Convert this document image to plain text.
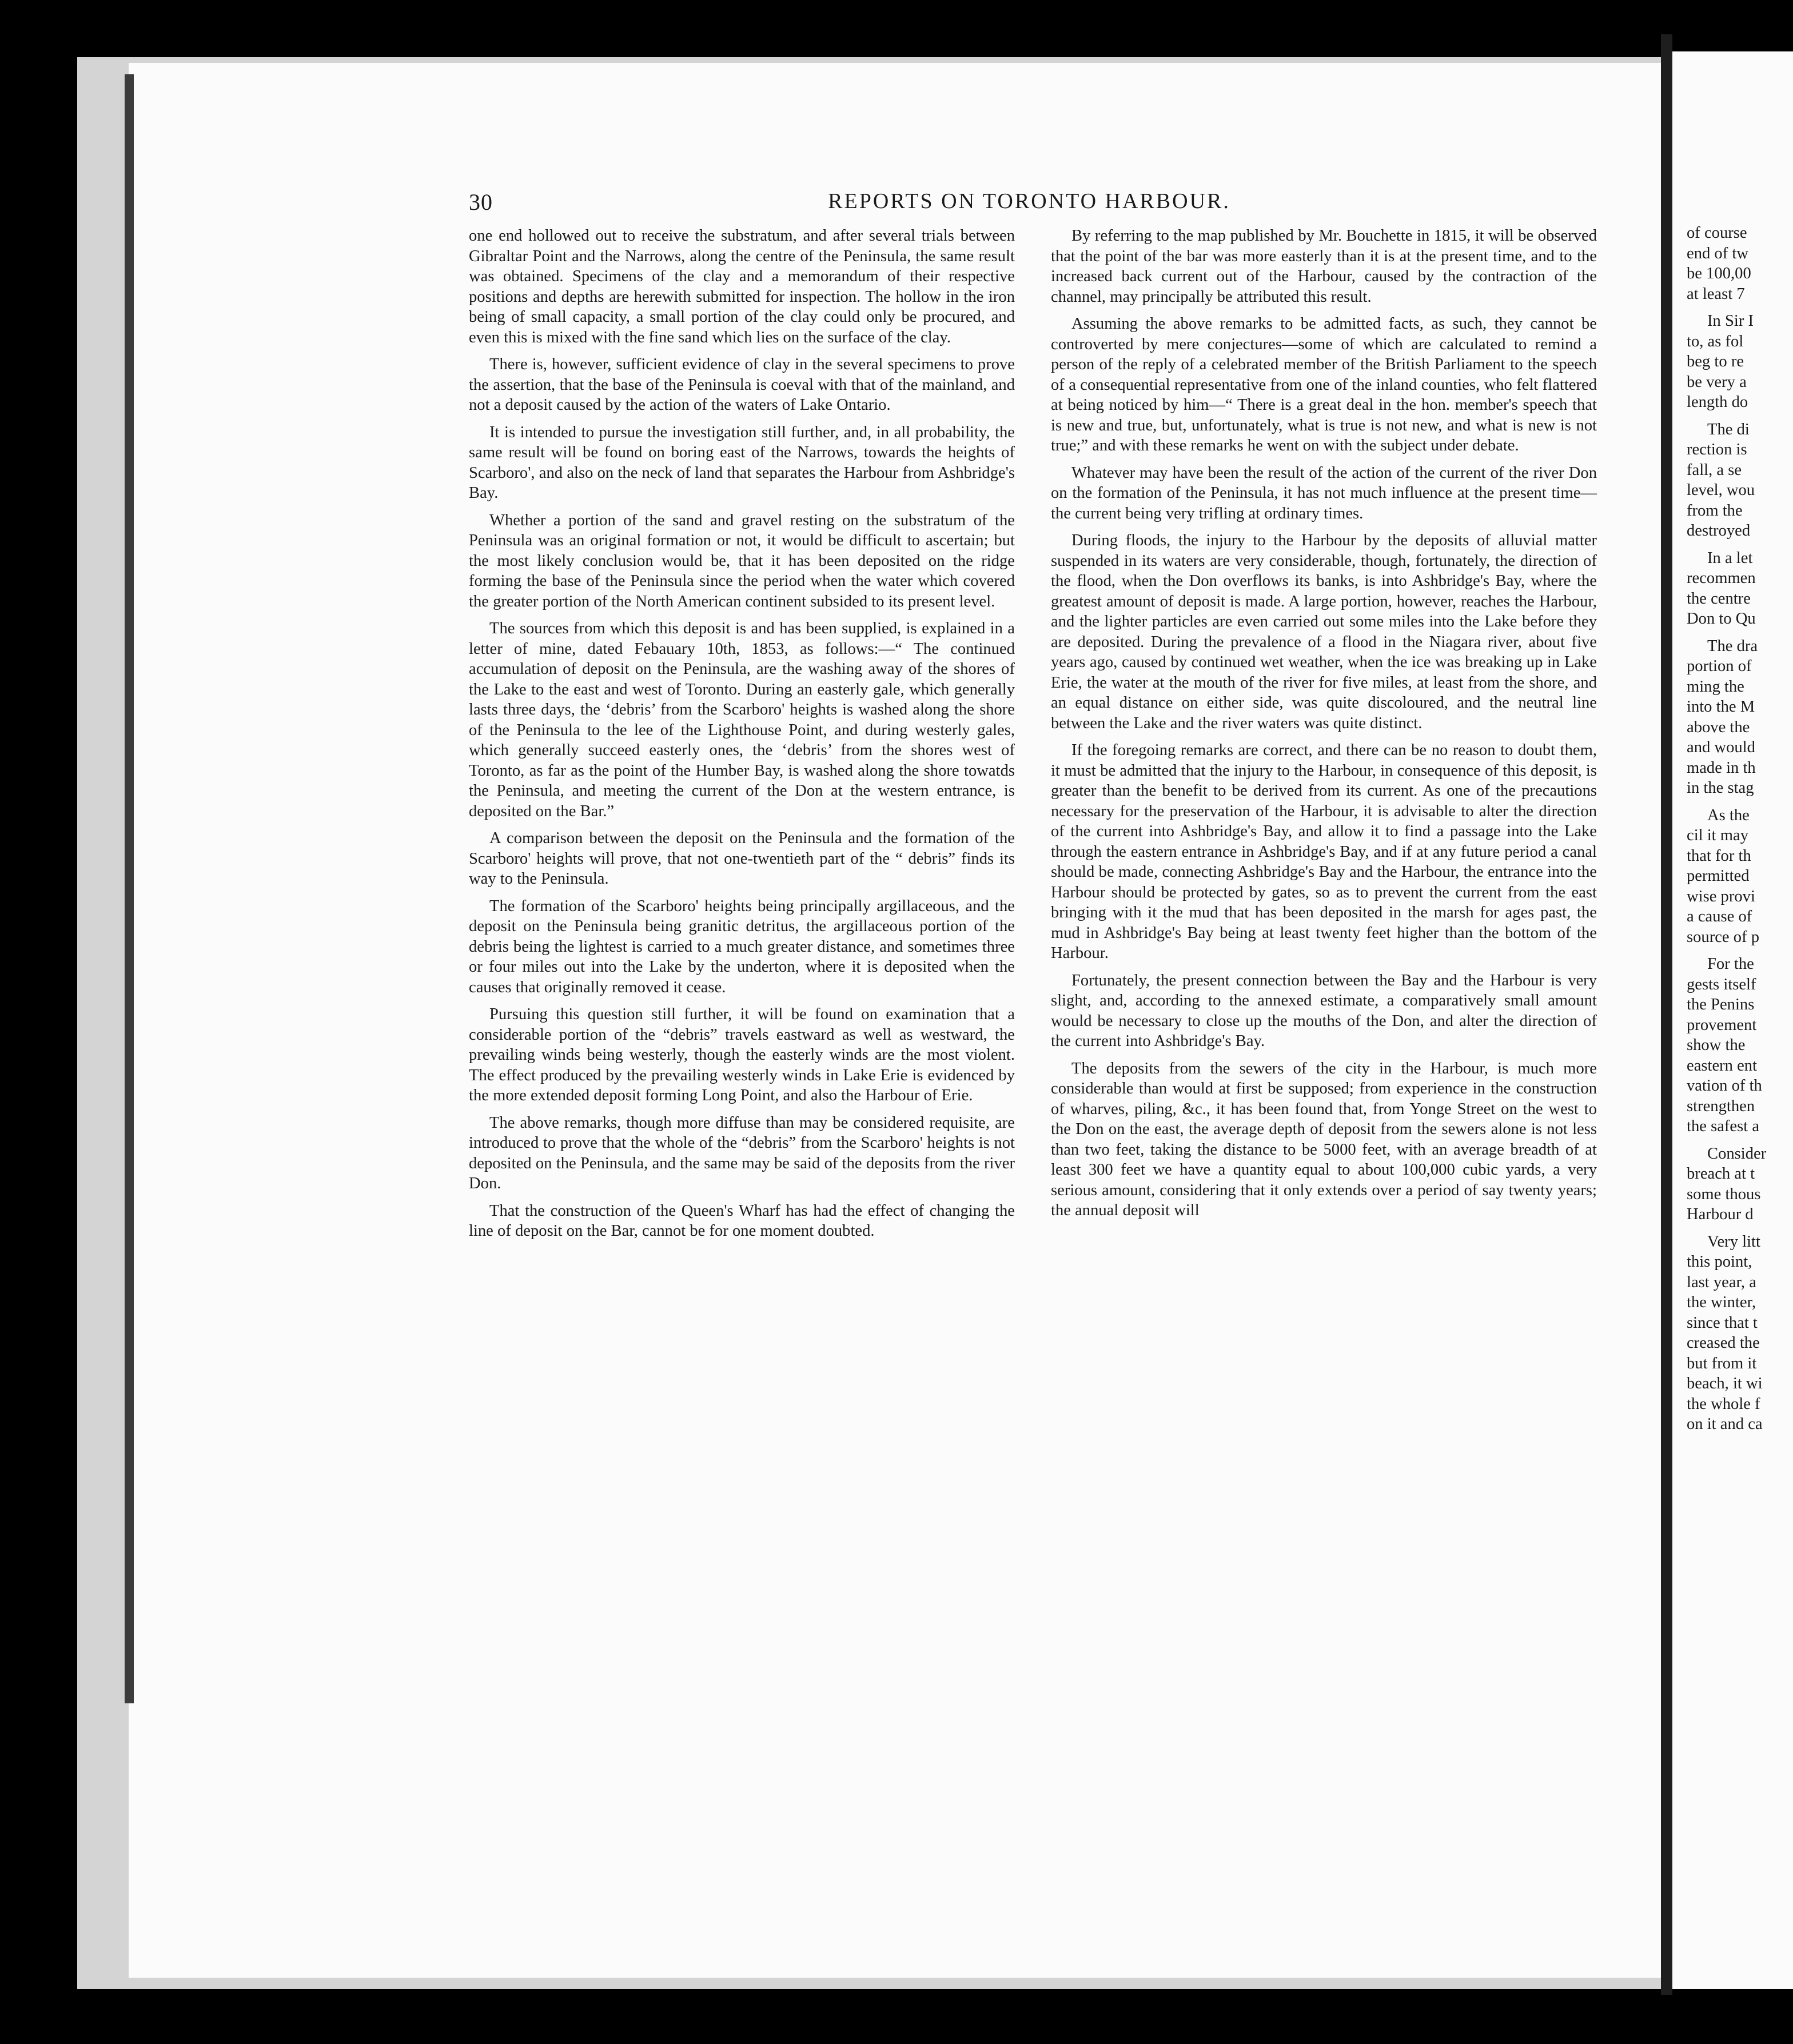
30	REPORTS ON TORONTO HARBOUR.

one end hollowed out to receive the substratum, and after several trials between Gibraltar Point and the Narrows, along the centre of the Peninsula, the same result was obtained. Specimens of the clay and a memorandum of their respective positions and depths are herewith submitted for inspection. The hollow in the iron being of small capacity, a small portion of the clay could only be procured, and even this is mixed with the fine sand which lies on the surface of the clay.

There is, however, sufficient evidence of clay in the several specimens to prove the assertion, that the base of the Peninsula is coeval with that of the mainland, and not a deposit caused by the action of the waters of Lake Ontario.

It is intended to pursue the investigation still further, and, in all probability, the same result will be found on boring east of the Narrows, towards the heights of Scarboro', and also on the neck of land that separates the Harbour from Ashbridge's Bay.

Whether a portion of the sand and gravel resting on the substratum of the Peninsula was an original formation or not, it would be difficult to ascertain; but the most likely conclusion would be, that it has been deposited on the ridge forming the base of the Peninsula since the period when the water which covered the greater portion of the North American continent subsided to its present level.

The sources from which this deposit is and has been supplied, is explained in a letter of mine, dated Febauary 10th, 1853, as follows:—“ The continued accumulation of deposit on the Peninsula, are the washing away of the shores of the Lake to the east and west of Toronto. During an easterly gale, which generally lasts three days, the ‘debris’ from the Scarboro' heights is washed along the shore of the Peninsula to the lee of the Lighthouse Point, and during westerly gales, which generally succeed easterly ones, the ‘debris’ from the shores west of Toronto, as far as the point of the Humber Bay, is washed along the shore towatds the Peninsula, and meeting the current of the Don at the western entrance, is deposited on the Bar.”

A comparison between the deposit on the Peninsula and the formation of the Scarboro' heights will prove, that not one-twentieth part of the “ debris” finds its way to the Peninsula.

The formation of the Scarboro' heights being principally argillaceous, and the deposit on the Peninsula being granitic detritus, the argillaceous portion of the debris being the lightest is carried to a much greater distance, and sometimes three or four miles out into the Lake by the underton, where it is deposited when the causes that originally removed it cease.

Pursuing this question still further, it will be found on examination that a considerable portion of the “debris” travels eastward as well as westward, the prevailing winds being westerly, though the easterly winds are the most violent. The effect produced by the prevailing westerly winds in Lake Erie is evidenced by the more extended deposit forming Long Point, and also the Harbour of Erie.

The above remarks, though more diffuse than may be considered requisite, are introduced to prove that the whole of the “debris” from the Scarboro' heights is not deposited on the Peninsula, and the same may be said of the deposits from the river Don.

That the construction of the Queen's Wharf has had the effect of changing the line of deposit on the Bar, cannot be for one moment doubted.

By referring to the map published by Mr. Bouchette in 1815, it will be observed that the point of the bar was more easterly than it is at the present time, and to the increased back current out of the Harbour, caused by the contraction of the channel, may principally be attributed this result.

Assuming the above remarks to be admitted facts, as such, they cannot be controverted by mere conjectures—some of which are calculated to remind a person of the reply of a celebrated member of the British Parliament to the speech of a consequential representative from one of the inland counties, who felt flattered at being noticed by him—“ There is a great deal in the hon. member's speech that is new and true, but, unfortunately, what is true is not new, and what is new is not true;” and with these remarks he went on with the subject under debate.

Whatever may have been the result of the action of the current of the river Don on the formation of the Peninsula, it has not much influence at the present time—the current being very trifling at ordinary times.

During floods, the injury to the Harbour by the deposits of alluvial matter suspended in its waters are very considerable, though, fortunately, the direction of the flood, when the Don overflows its banks, is into Ashbridge's Bay, where the greatest amount of deposit is made. A large portion, however, reaches the Harbour, and the lighter particles are even carried out some miles into the Lake before they are deposited. During the prevalence of a flood in the Niagara river, about five years ago, caused by continued wet weather, when the ice was breaking up in Lake Erie, the water at the mouth of the river for five miles, at least from the shore, and an equal distance on either side, was quite discoloured, and the neutral line between the Lake and the river waters was quite distinct.

If the foregoing remarks are correct, and there can be no reason to doubt them, it must be admitted that the injury to the Harbour, in consequence of this deposit, is greater than the benefit to be derived from its current. As one of the precautions necessary for the preservation of the Harbour, it is advisable to alter the direction of the current into Ashbridge's Bay, and allow it to find a passage into the Lake through the eastern entrance in Ashbridge's Bay, and if at any future period a canal should be made, connecting Ashbridge's Bay and the Harbour, the entrance into the Harbour should be protected by gates, so as to prevent the current from the east bringing with it the mud that has been deposited in the marsh for ages past, the mud in Ashbridge's Bay being at least twenty feet higher than the bottom of the Harbour.

Fortunately, the present connection between the Bay and the Harbour is very slight, and, according to the annexed estimate, a comparatively small amount would be necessary to close up the mouths of the Don, and alter the direction of the current into Ashbridge's Bay.

The deposits from the sewers of the city in the Harbour, is much more considerable than would at first be supposed; from experience in the construction of wharves, piling, &c., it has been found that, from Yonge Street on the west to the Don on the east, the average depth of deposit from the sewers alone is not less than two feet, taking the distance to be 5000 feet, with an average breadth of at least 300 feet we have a quantity equal to about 100,000 cubic yards, a very serious amount, considering that it only extends over a period of say twenty years; the annual deposit will

of course
end of tw
be 100,00
at least 7
In Sir I
to, as fol
beg to re
be very a
length do
The di
rection is
fall, a se
level, wou
from the
destroyed
In a let
recommen
the centre
Don to Qu
The dra
portion of
ming the
into the M
above the
and would
made in th
in the stag
As the
cil it may
that for th
permitted
wise provi
a cause of
source of p
For the
gests itself
the Penins
provement
show the
eastern ent
vation of th
strengthen
the safest a
Consider
breach at t
some thous
Harbour d
Very litt
this point,
last year, a
the winter,
since that t
creased the
but from it
beach, it wi
the whole f
on it and ca
